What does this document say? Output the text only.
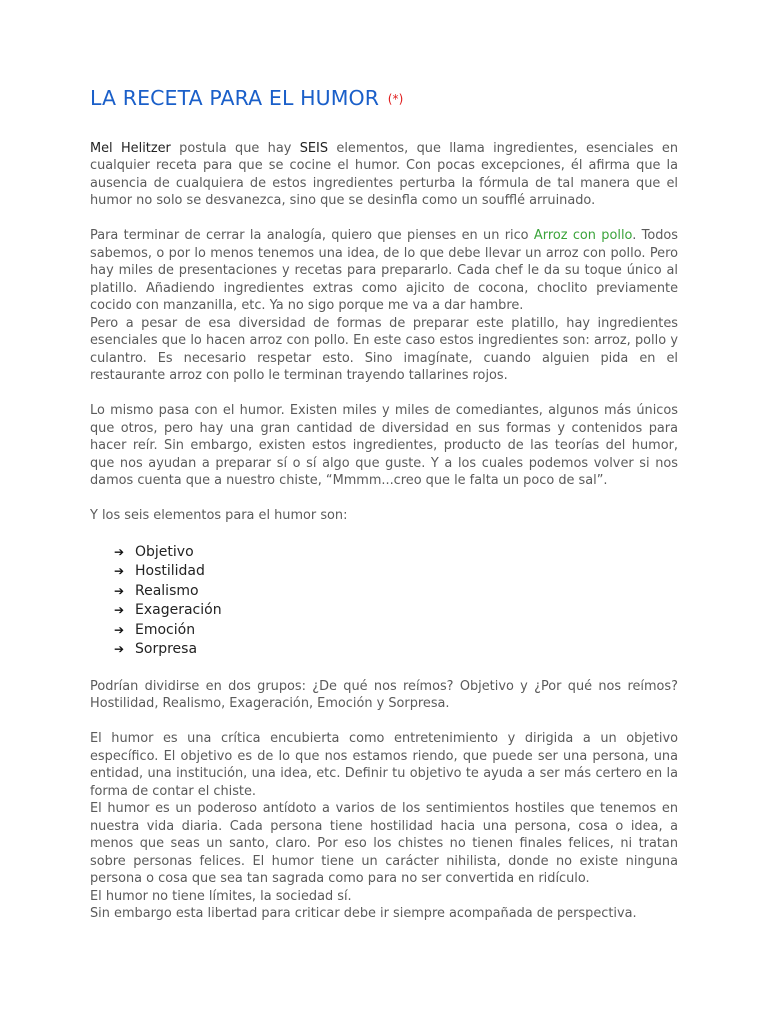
LA RECETA PARA EL HUMOR (*)

Mel Helitzer postula que hay SEIS elementos, que llama ingredientes, esenciales en cualquier receta para que se cocine el humor. Con pocas excepciones, él afirma que la ausencia de cualquiera de estos ingredientes perturba la fórmula de tal manera que el humor no solo se desvanezca, sino que se desinfla como un soufflé arruinado.

Para terminar de cerrar la analogía, quiero que pienses en un rico Arroz con pollo. Todos sabemos, o por lo menos tenemos una idea, de lo que debe llevar un arroz con pollo. Pero hay miles de presentaciones y recetas para prepararlo. Cada chef le da su toque único al platillo. Añadiendo ingredientes extras como ajicito de cocona, choclito previamente cocido con manzanilla, etc. Ya no sigo porque me va a dar hambre.

Pero a pesar de esa diversidad de formas de preparar este platillo, hay ingredientes esenciales que lo hacen arroz con pollo. En este caso estos ingredientes son: arroz, pollo y culantro. Es necesario respetar esto. Sino imagínate, cuando alguien pida en el restaurante arroz con pollo le terminan trayendo tallarines rojos.

Lo mismo pasa con el humor. Existen miles y miles de comediantes, algunos más únicos que otros, pero hay una gran cantidad de diversidad en sus formas y contenidos para hacer reír. Sin embargo, existen estos ingredientes, producto de las teorías del humor, que nos ayudan a preparar sí o sí algo que guste. Y a los cuales podemos volver si nos damos cuenta que a nuestro chiste, “Mmmm...creo que le falta un poco de sal”.

Y los seis elementos para el humor son:

➔ Objetivo
➔ Hostilidad
➔ Realismo
➔ Exageración
➔ Emoción
➔ Sorpresa

Podrían dividirse en dos grupos: ¿De qué nos reímos? Objetivo y ¿Por qué nos reímos? Hostilidad, Realismo, Exageración, Emoción y Sorpresa.

El humor es una crítica encubierta como entretenimiento y dirigida a un objetivo específico. El objetivo es de lo que nos estamos riendo, que puede ser una persona, una entidad, una institución, una idea, etc. Definir tu objetivo te ayuda a ser más certero en la forma de contar el chiste.

El humor es un poderoso antídoto a varios de los sentimientos hostiles que tenemos en nuestra vida diaria. Cada persona tiene hostilidad hacia una persona, cosa o idea, a menos que seas un santo, claro. Por eso los chistes no tienen finales felices, ni tratan sobre personas felices. El humor tiene un carácter nihilista, donde no existe ninguna persona o cosa que sea tan sagrada como para no ser convertida en ridículo.

El humor no tiene límites, la sociedad sí.

Sin embargo esta libertad para criticar debe ir siempre acompañada de perspectiva.
